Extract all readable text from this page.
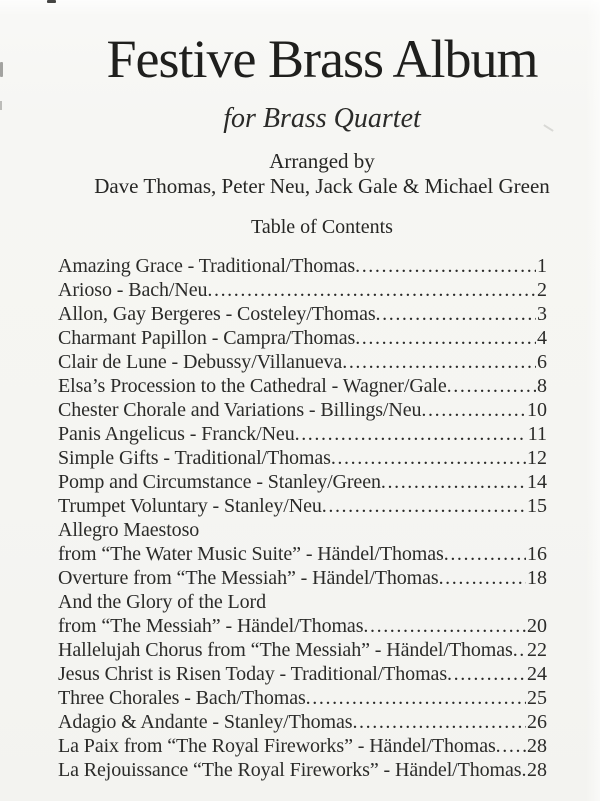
Festive Brass Album
for Brass Quartet
Arranged by
Dave Thomas, Peter Neu, Jack Gale & Michael Green
Table of Contents
Amazing Grace - Traditional/Thomas .....	1
Arioso - Bach/Neu .....	2
Allon, Gay Bergeres - Costeley/Thomas .....	3
Charmant Papillon - Campra/Thomas .....	4
Clair de Lune - Debussy/Villanueva .....	6
Elsa’s Procession to the Cathedral - Wagner/Gale .....	8
Chester Chorale and Variations - Billings/Neu .....	10
Panis Angelicus - Franck/Neu .....	11
Simple Gifts - Traditional/Thomas .....	12
Pomp and Circumstance - Stanley/Green .....	14
Trumpet Voluntary - Stanley/Neu .....	15
Allegro Maestoso
from “The Water Music Suite” - Händel/Thomas .....	16
Overture from “The Messiah” - Händel/Thomas .....	18
And the Glory of the Lord
from “The Messiah” - Händel/Thomas .....	20
Hallelujah Chorus from “The Messiah” - Händel/Thomas ..... 22
Jesus Christ is Risen Today - Traditional/Thomas .....	24
Three Chorales - Bach/Thomas .....	25
Adagio & Andante - Stanley/Thomas .....	26
La Paix from “The Royal Fireworks” - Händel/Thomas ..... 28
La Rejouissance “The Royal Fireworks” - Händel/Thomas ..... 28
